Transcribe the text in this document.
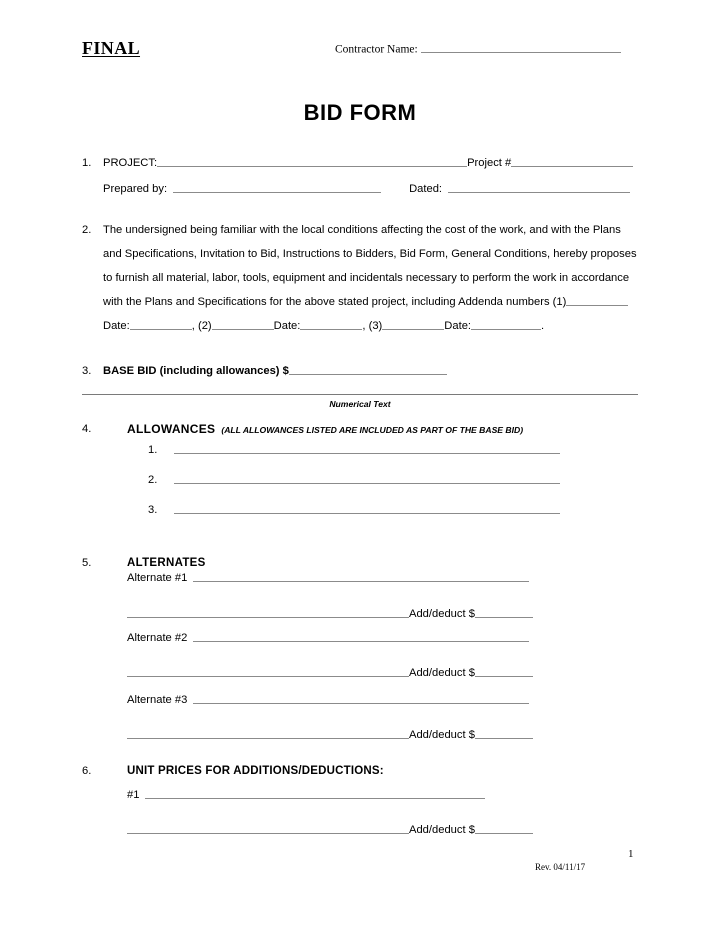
FINAL	Contractor Name:
BID FORM
1.	PROJECT:	Project #
Prepared by:	Dated:
2.	The undersigned being familiar with the local conditions affecting the cost of the work, and with the Plans and Specifications, Invitation to Bid, Instructions to Bidders, Bid Form, General Conditions, hereby proposes to furnish all material, labor, tools, equipment and incidentals necessary to perform the work in accordance with the Plans and Specifications for the above stated project, including Addenda numbers (1)Date:	, (2)	Date:	, (3)	Date:	.
3.	BASE BID (including allowances) $
Numerical Text
4.	ALLOWANCES (ALL ALLOWANCES LISTED ARE INCLUDED AS PART OF THE BASE BID)
1.
2.
3.
5.	ALTERNATES
Alternate #1
Add/deduct $
Alternate #2
Add/deduct $
Alternate #3
Add/deduct $
6.	UNIT PRICES FOR ADDITIONS/DEDUCTIONS:
#1
Add/deduct $
Rev. 04/11/17
1
